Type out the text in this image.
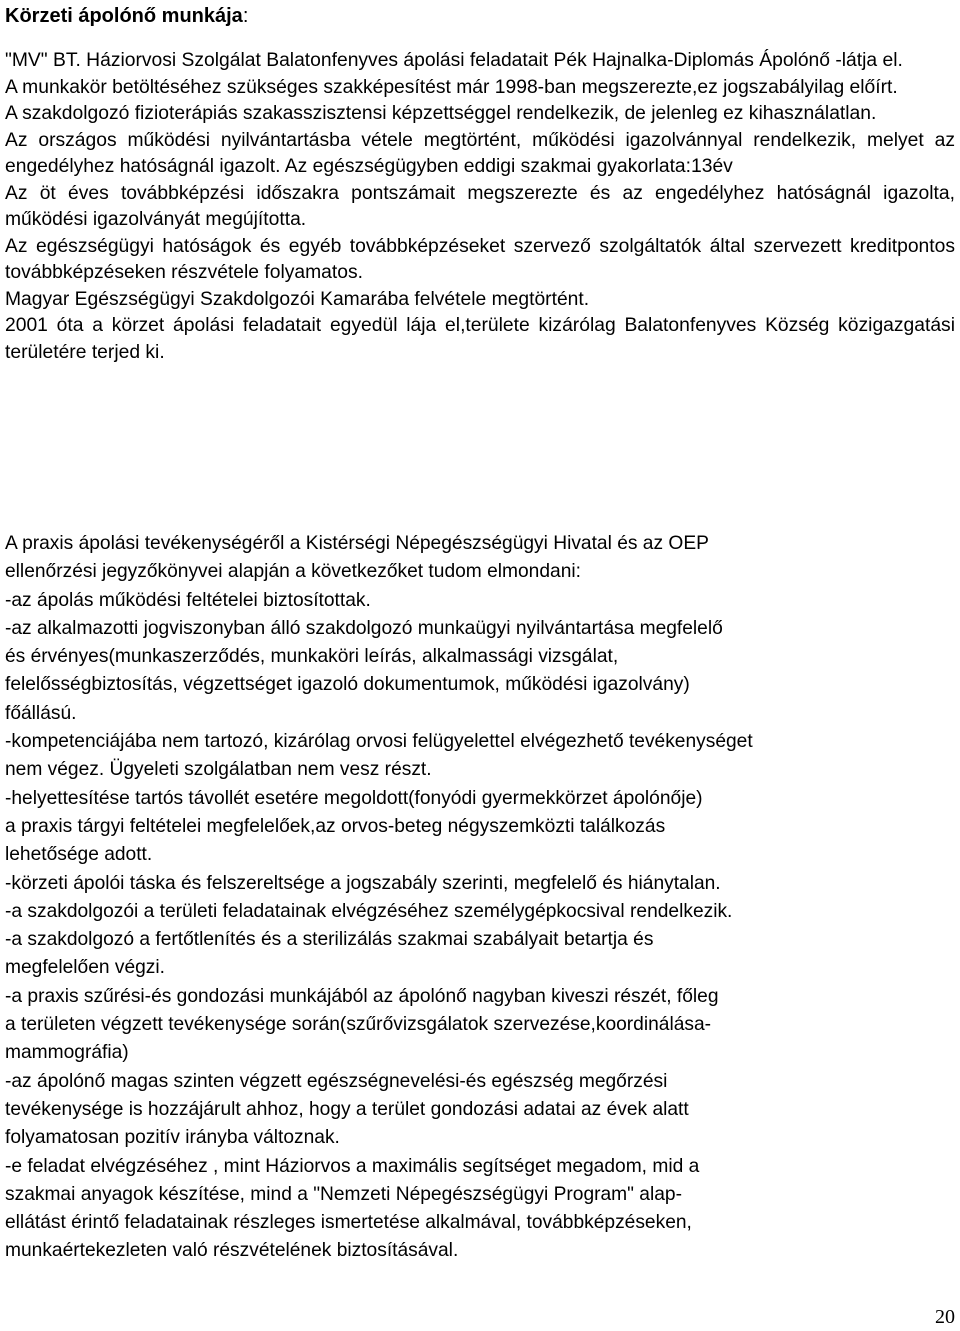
Körzeti ápolónő munkája:
"MV" BT. Háziorvosi Szolgálat Balatonfenyves ápolási feladatait Pék Hajnalka-Diplomás Ápolónő -látja el.
A munkakör betöltéséhez szükséges szakképesítést már 1998-ban megszerezte,ez jogszabályilag előírt.
A szakdolgozó fizioterápiás szakasszisztensi képzettséggel rendelkezik, de jelenleg ez kihasználatlan.
Az országos működési nyilvántartásba vétele megtörtént, működési igazolvánnyal rendelkezik, melyet az engedélyhez hatóságnál igazolt. Az egészségügyben eddigi szakmai gyakorlata:13év
Az öt éves továbbképzési időszakra pontszámait megszerezte és az engedélyhez hatóságnál igazolta, működési igazolványát megújította.
Az egészségügyi hatóságok és egyéb továbbképzéseket szervező szolgáltatók által szervezett kreditpontos továbbképzéseken részvétele folyamatos.
Magyar Egészségügyi Szakdolgozói Kamarába felvétele megtörtént.
2001 óta a körzet ápolási feladatait egyedül lája el,területe kizárólag Balatonfenyves Község közigazgatási területére terjed ki.
A praxis ápolási tevékenységéről a Kistérségi Népegészségügyi Hivatal és az OEP
ellenőrzési jegyzőkönyvei alapján a következőket tudom elmondani:
-az ápolás működési feltételei biztosítottak.
-az alkalmazotti jogviszonyban álló szakdolgozó munkaügyi nyilvántartása megfelelő
és érvényes(munkaszerződés, munkaköri leírás, alkalmassági vizsgálat,
felelősségbiztosítás, végzettséget igazoló dokumentumok, működési igazolvány)
főállású.
-kompetenciájába nem tartozó, kizárólag orvosi felügyelettel elvégezhető tevékenységet
nem végez. Ügyeleti szolgálatban nem vesz részt.
-helyettesítése tartós távollét esetére megoldott(fonyódi gyermekkörzet ápolónője)
a praxis tárgyi feltételei megfelelőek,az orvos-beteg négyszemközti találkozás
lehetősége adott.
-körzeti ápolói táska és felszereltsége a jogszabály szerinti, megfelelő és hiánytalan.
-a szakdolgozói a területi feladatainak elvégzéséhez személygépkocsival rendelkezik.
-a szakdolgozó a fertőtlenítés és a sterilizálás szakmai szabályait betartja és
megfelelően végzi.
-a praxis szűrési-és gondozási munkájából az ápolónő nagyban kiveszi részét, főleg
a területen végzett tevékenysége során(szűrővizsgálatok szervezése,koordinálása-
mammográfia)
-az ápolónő magas szinten végzett egészségnevelési-és egészség megőrzési
tevékenysége is hozzájárult ahhoz, hogy a terület gondozási adatai az évek alatt
folyamatosan pozitív irányba változnak.
-e feladat elvégzéséhez , mint Háziorvos a maximális segítséget megadom, mid a
szakmai anyagok készítése, mind a "Nemzeti Népegészségügyi Program" alap-
ellátást érintő feladatainak részleges ismertetése alkalmával, továbbképzéseken,
munkaértekezleten való részvételének biztosításával.
20
